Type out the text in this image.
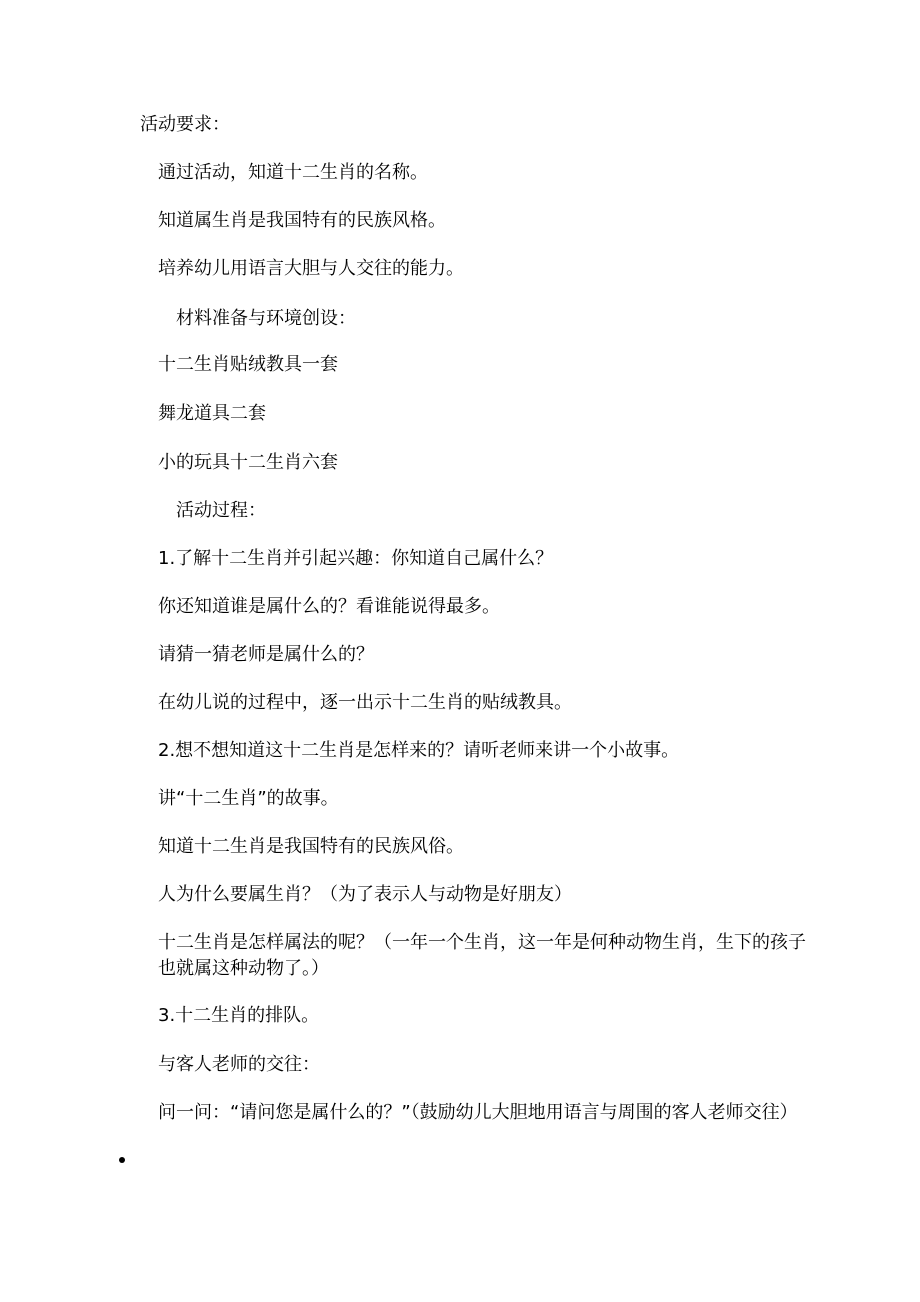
活动要求：
通过活动，知道十二生肖的名称。
知道属生肖是我国特有的民族风格。
培养幼儿用语言大胆与人交往的能力。
材料准备与环境创设：
十二生肖贴绒教具一套
舞龙道具二套
小的玩具十二生肖六套
活动过程：
1.了解十二生肖并引起兴趣：你知道自己属什么？
你还知道谁是属什么的？看谁能说得最多。
请猜一猜老师是属什么的？
在幼儿说的过程中，逐一出示十二生肖的贴绒教具。
2.想不想知道这十二生肖是怎样来的？请听老师来讲一个小故事。
讲“十二生肖”的故事。
知道十二生肖是我国特有的民族风俗。
人为什么要属生肖？（为了表示人与动物是好朋友）
十二生肖是怎样属法的呢？（一年一个生肖，这一年是何种动物生肖，生下的孩子也就属这种动物了。）
3.十二生肖的排队。
与客人老师的交往：
问一问：“请问您是属什么的？”（鼓励幼儿大胆地用语言与周围的客人老师交往）
